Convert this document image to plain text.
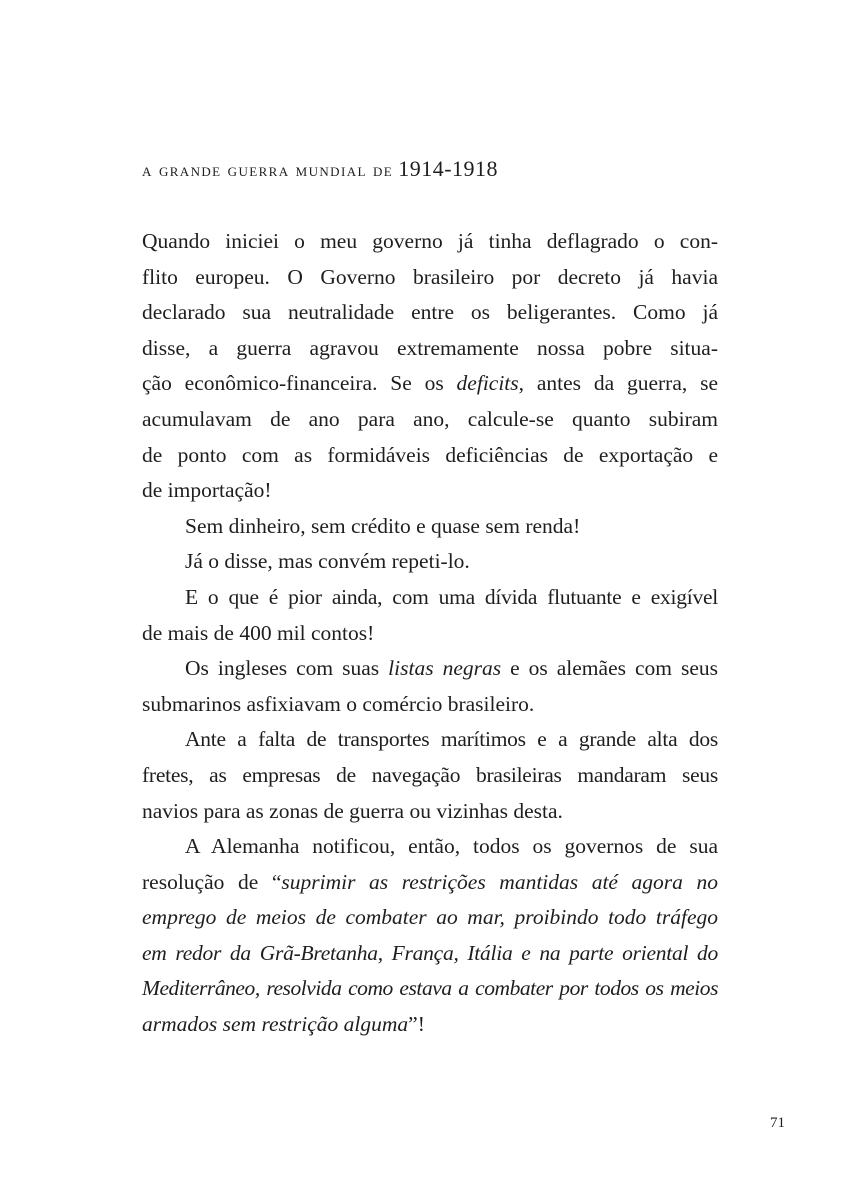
a grande guerra mundial de 1914-1918
Quando iniciei o meu governo já tinha deflagrado o con-
flito europeu. O Governo brasileiro por decreto já havia
declarado sua neutralidade entre os beligerantes. Como já
disse, a guerra agravou extremamente nossa pobre situa-
ção econômico-financeira. Se os deficits, antes da guerra, se
acumulavam de ano para ano, calcule-se quanto subiram
de ponto com as formidáveis deficiências de exportação e
de importação!
Sem dinheiro, sem crédito e quase sem renda!
Já o disse, mas convém repeti-lo.
E o que é pior ainda, com uma dívida flutuante e exigível
de mais de 400 mil contos!
Os ingleses com suas listas negras e os alemães com seus
submarinos asfixiavam o comércio brasileiro.
Ante a falta de transportes marítimos e a grande alta dos
fretes, as empresas de navegação brasileiras mandaram seus
navios para as zonas de guerra ou vizinhas desta.
A Alemanha notificou, então, todos os governos de sua
resolução de “suprimir as restrições mantidas até agora no
emprego de meios de combater ao mar, proibindo todo tráfego
em redor da Grã-Bretanha, França, Itália e na parte oriental do
Mediterrâneo, resolvida como estava a combater por todos os meios
armados sem restrição alguma”!
71
